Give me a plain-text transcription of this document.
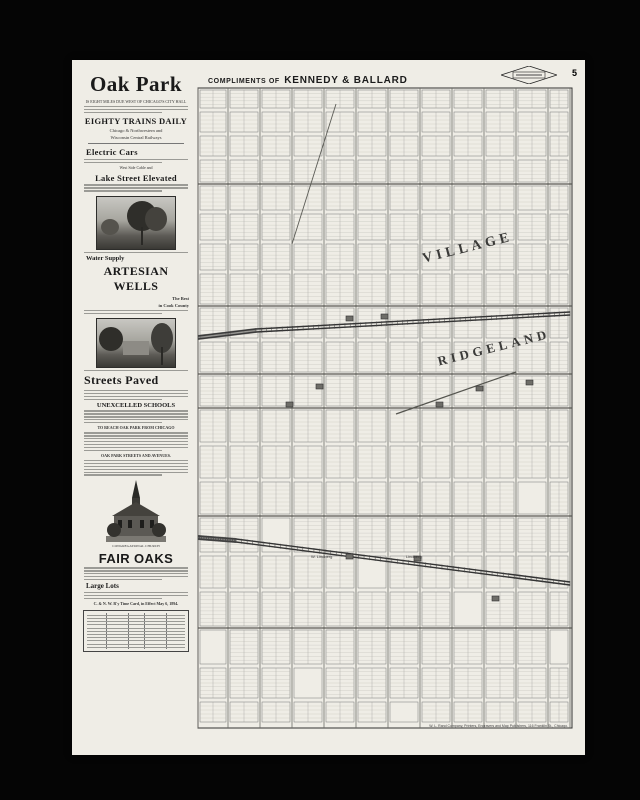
Oak Park
IS EIGHT MILES DUE WEST OF CHICAGO'S CITY HALL
EIGHTY TRAINS DAILY
Chicago & Northwestern and
Wisconsin Central Railways
Electric Cars
West Side Cable and
Lake Street Elevated
Water Supply
ARTESIAN WELLS
The Best
in Cook County
Streets Paved
UNEXCELLED SCHOOLS
TO REACH OAK PARK FROM CHICAGO
OAK PARK STREETS AND AVENUES.
CONGREGATIONAL CHURCH
FAIR OAKS
Large Lots
C. & N. W. R'y Time Card, in Effect May 6, 1894.
COMPLIMENTS OF KENNEDY & BALLARD
5
VILLAGE
RIDGELAND
W. Lindberg	Lindberg
W. L. Rand Company, Printers, Engravers and Map Publishers, 116 Franklin St., Chicago.
